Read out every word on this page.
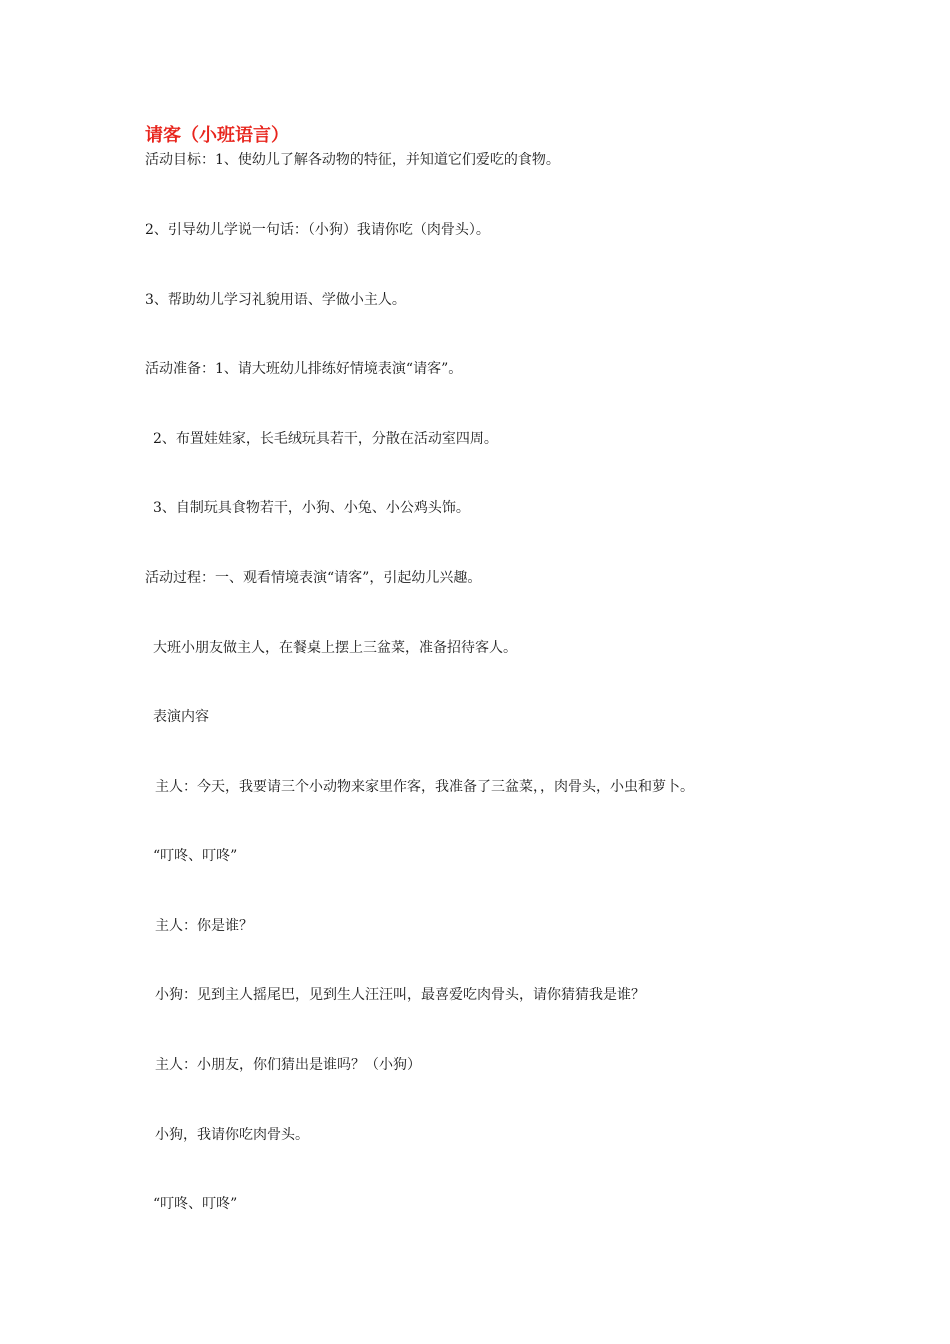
请客（小班语言）
活动目标：1、使幼儿了解各动物的特征，并知道它们爱吃的食物。
2、引导幼儿学说一句话：（小狗）我请你吃（肉骨头）。
3、帮助幼儿学习礼貌用语、学做小主人。
活动准备：1、请大班幼儿排练好情境表演“请客”。
2、布置娃娃家，长毛绒玩具若干，分散在活动室四周。
3、自制玩具食物若干，小狗、小兔、小公鸡头饰。
活动过程：一、观看情境表演“请客”，引起幼儿兴趣。
大班小朋友做主人，在餐桌上摆上三盆菜，准备招待客人。
表演内容
主人：今天，我要请三个小动物来家里作客，我准备了三盆菜，，肉骨头，小虫和萝卜。
“叮咚、叮咚”
主人：你是谁？
小狗：见到主人摇尾巴，见到生人汪汪叫，最喜爱吃肉骨头，请你猜猜我是谁？
主人：小朋友，你们猜出是谁吗？（小狗）
小狗，我请你吃肉骨头。
“叮咚、叮咚”
